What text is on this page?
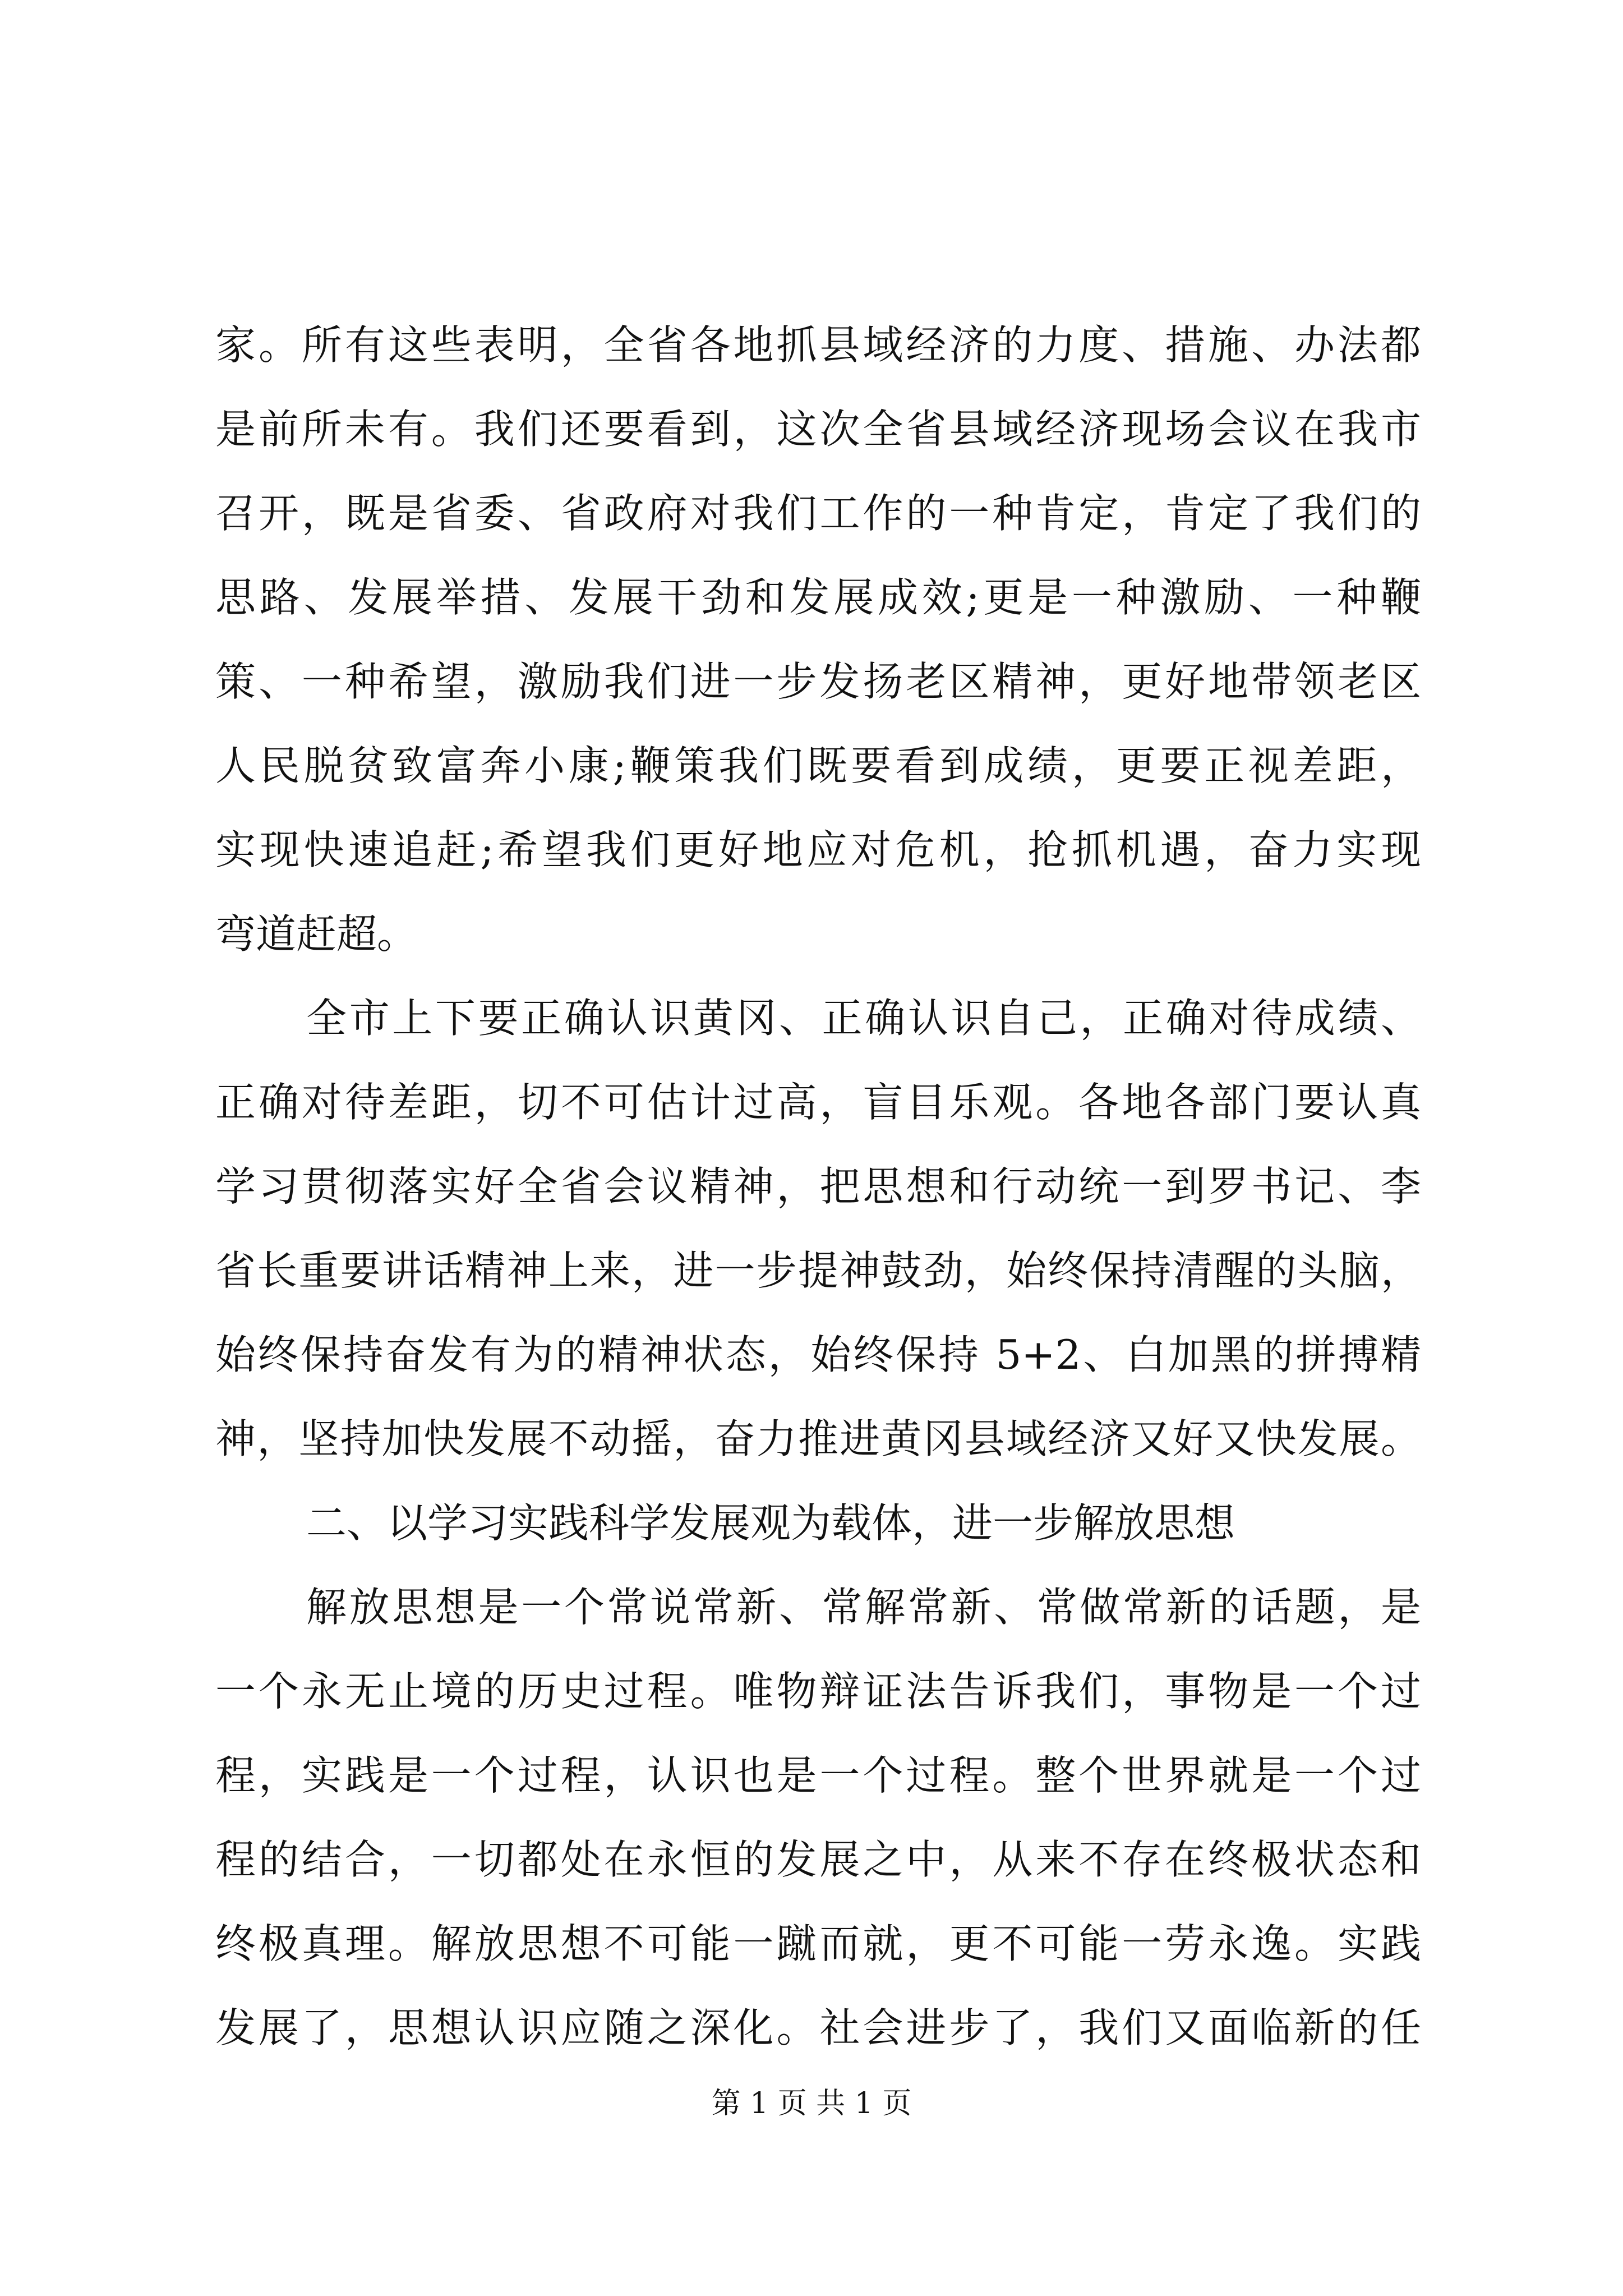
家。所有这些表明，全省各地抓县域经济的力度、措施、办法都
是前所未有。我们还要看到，这次全省县域经济现场会议在我市
召开，既是省委、省政府对我们工作的一种肯定，肯定了我们的
思路、发展举措、发展干劲和发展成效;更是一种激励、一种鞭
策、一种希望，激励我们进一步发扬老区精神，更好地带领老区
人民脱贫致富奔小康;鞭策我们既要看到成绩，更要正视差距，
实现快速追赶;希望我们更好地应对危机，抢抓机遇，奋力实现
弯道赶超。
全市上下要正确认识黄冈、正确认识自己，正确对待成绩、
正确对待差距，切不可估计过高，盲目乐观。各地各部门要认真
学习贯彻落实好全省会议精神，把思想和行动统一到罗书记、李
省长重要讲话精神上来，进一步提神鼓劲，始终保持清醒的头脑，
始终保持奋发有为的精神状态，始终保持 5+2、白加黑的拼搏精
神，坚持加快发展不动摇，奋力推进黄冈县域经济又好又快发展。
二、以学习实践科学发展观为载体，进一步解放思想
解放思想是一个常说常新、常解常新、常做常新的话题，是
一个永无止境的历史过程。唯物辩证法告诉我们，事物是一个过
程，实践是一个过程，认识也是一个过程。整个世界就是一个过
程的结合，一切都处在永恒的发展之中，从来不存在终极状态和
终极真理。解放思想不可能一蹴而就，更不可能一劳永逸。实践
发展了，思想认识应随之深化。社会进步了，我们又面临新的任
第 1 页 共 1 页
